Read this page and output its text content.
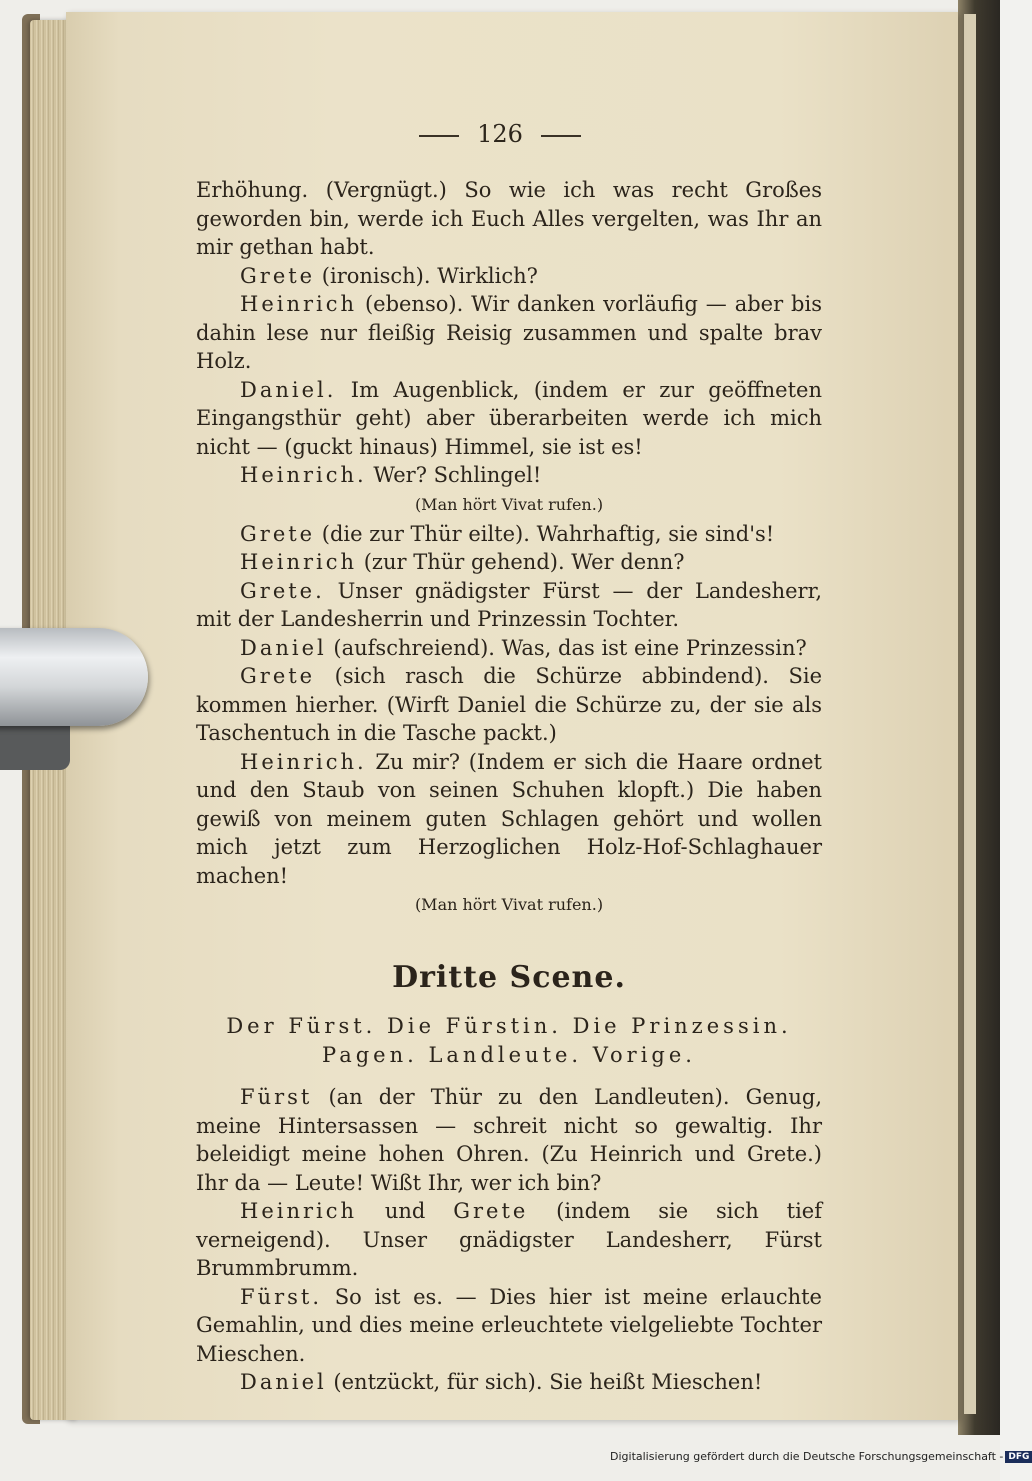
126

Erhöhung. (Vergnügt.) So wie ich was recht Großes geworden bin, werde ich Euch Alles vergelten, was Ihr an mir gethan habt.

Grete (ironisch). Wirklich?

Heinrich (ebenso). Wir danken vorläufig — aber bis dahin lese nur fleißig Reisig zusammen und spalte brav Holz.

Daniel. Im Augenblick, (indem er zur geöffneten Eingangsthür geht) aber überarbeiten werde ich mich nicht — (guckt hinaus) Himmel, sie ist es!

Heinrich. Wer? Schlingel!

(Man hört Vivat rufen.)

Grete (die zur Thür eilte). Wahrhaftig, sie sind's!

Heinrich (zur Thür gehend). Wer denn?

Grete. Unser gnädigster Fürst — der Landesherr, mit der Landesherrin und Prinzessin Tochter.

Daniel (aufschreiend). Was, das ist eine Prinzessin?

Grete (sich rasch die Schürze abbindend). Sie kommen hierher. (Wirft Daniel die Schürze zu, der sie als Taschentuch in die Tasche packt.)

Heinrich. Zu mir? (Indem er sich die Haare ordnet und den Staub von seinen Schuhen klopft.) Die haben gewiß von meinem guten Schlagen gehört und wollen mich jetzt zum Herzoglichen Holz-Hof-Schlaghauer machen!

(Man hört Vivat rufen.)

Dritte Scene.

Der Fürst. Die Fürstin. Die Prinzessin.

Pagen. Landleute. Vorige.

Fürst (an der Thür zu den Landleuten). Genug, meine Hintersassen — schreit nicht so gewaltig. Ihr beleidigt meine hohen Ohren. (Zu Heinrich und Grete.) Ihr da — Leute! Wißt Ihr, wer ich bin?

Heinrich und Grete (indem sie sich tief verneigend). Unser gnädigster Landesherr, Fürst Brummbrumm.

Fürst. So ist es. — Dies hier ist meine erlauchte Gemahlin, und dies meine erleuchtete vielgeliebte Tochter Mieschen.

Daniel (entzückt, für sich). Sie heißt Mieschen!

Digitalisierung gefördert durch die Deutsche Forschungsgemeinschaft - DFG
